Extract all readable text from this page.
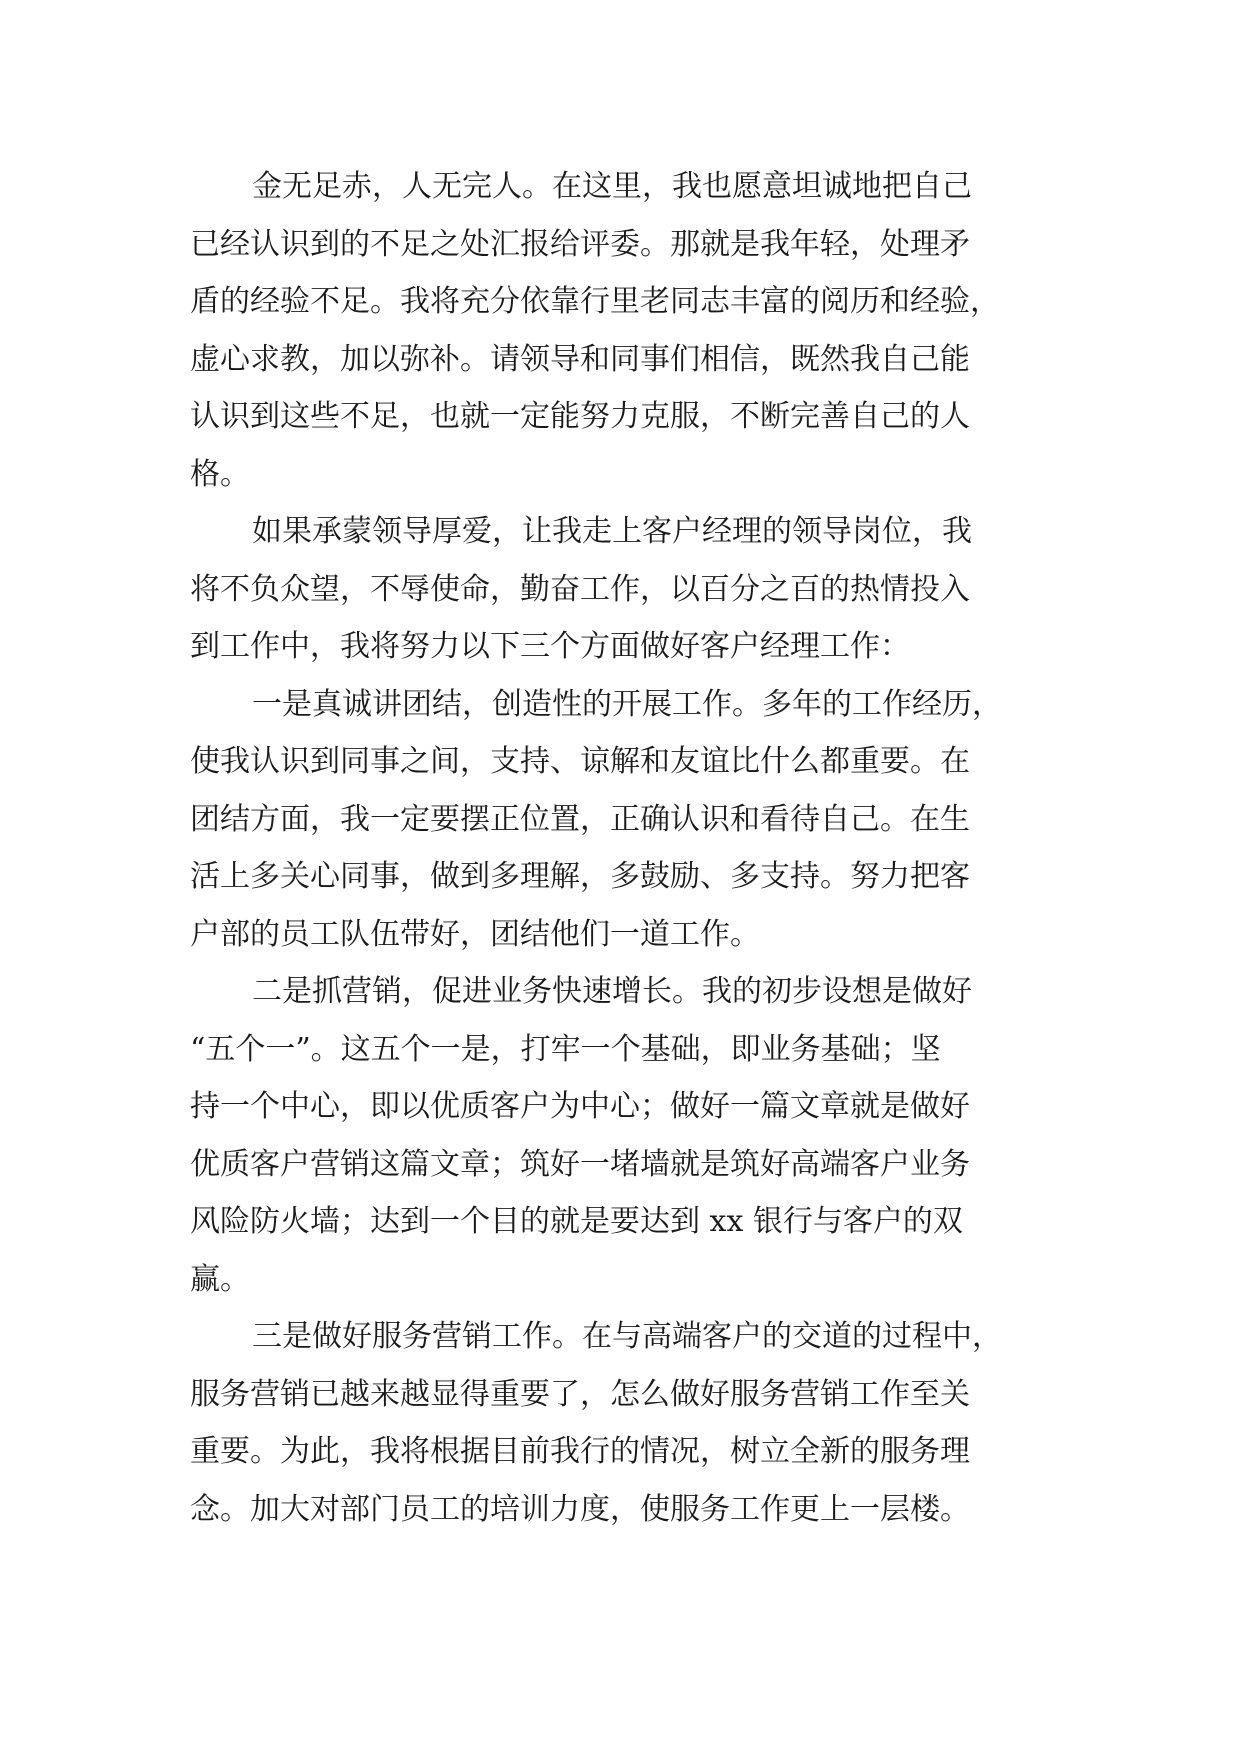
金无足赤，人无完人。在这里，我也愿意坦诚地把自己
已经认识到的不足之处汇报给评委。那就是我年轻，处理矛
盾的经验不足。我将充分依靠行里老同志丰富的阅历和经验，
虚心求教，加以弥补。请领导和同事们相信，既然我自己能
认识到这些不足，也就一定能努力克服，不断完善自己的人
格。
如果承蒙领导厚爱，让我走上客户经理的领导岗位，我
将不负众望，不辱使命，勤奋工作，以百分之百的热情投入
到工作中，我将努力以下三个方面做好客户经理工作：
一是真诚讲团结，创造性的开展工作。多年的工作经历，
使我认识到同事之间，支持、谅解和友谊比什么都重要。在
团结方面，我一定要摆正位置，正确认识和看待自己。在生
活上多关心同事，做到多理解，多鼓励、多支持。努力把客
户部的员工队伍带好，团结他们一道工作。
二是抓营销，促进业务快速增长。我的初步设想是做好
“五个一”。这五个一是，打牢一个基础，即业务基础；坚
持一个中心，即以优质客户为中心；做好一篇文章就是做好
优质客户营销这篇文章；筑好一堵墙就是筑好高端客户业务
风险防火墙；达到一个目的就是要达到 xx 银行与客户的双
赢。
三是做好服务营销工作。在与高端客户的交道的过程中，
服务营销已越来越显得重要了，怎么做好服务营销工作至关
重要。为此，我将根据目前我行的情况，树立全新的服务理
念。加大对部门员工的培训力度，使服务工作更上一层楼。
